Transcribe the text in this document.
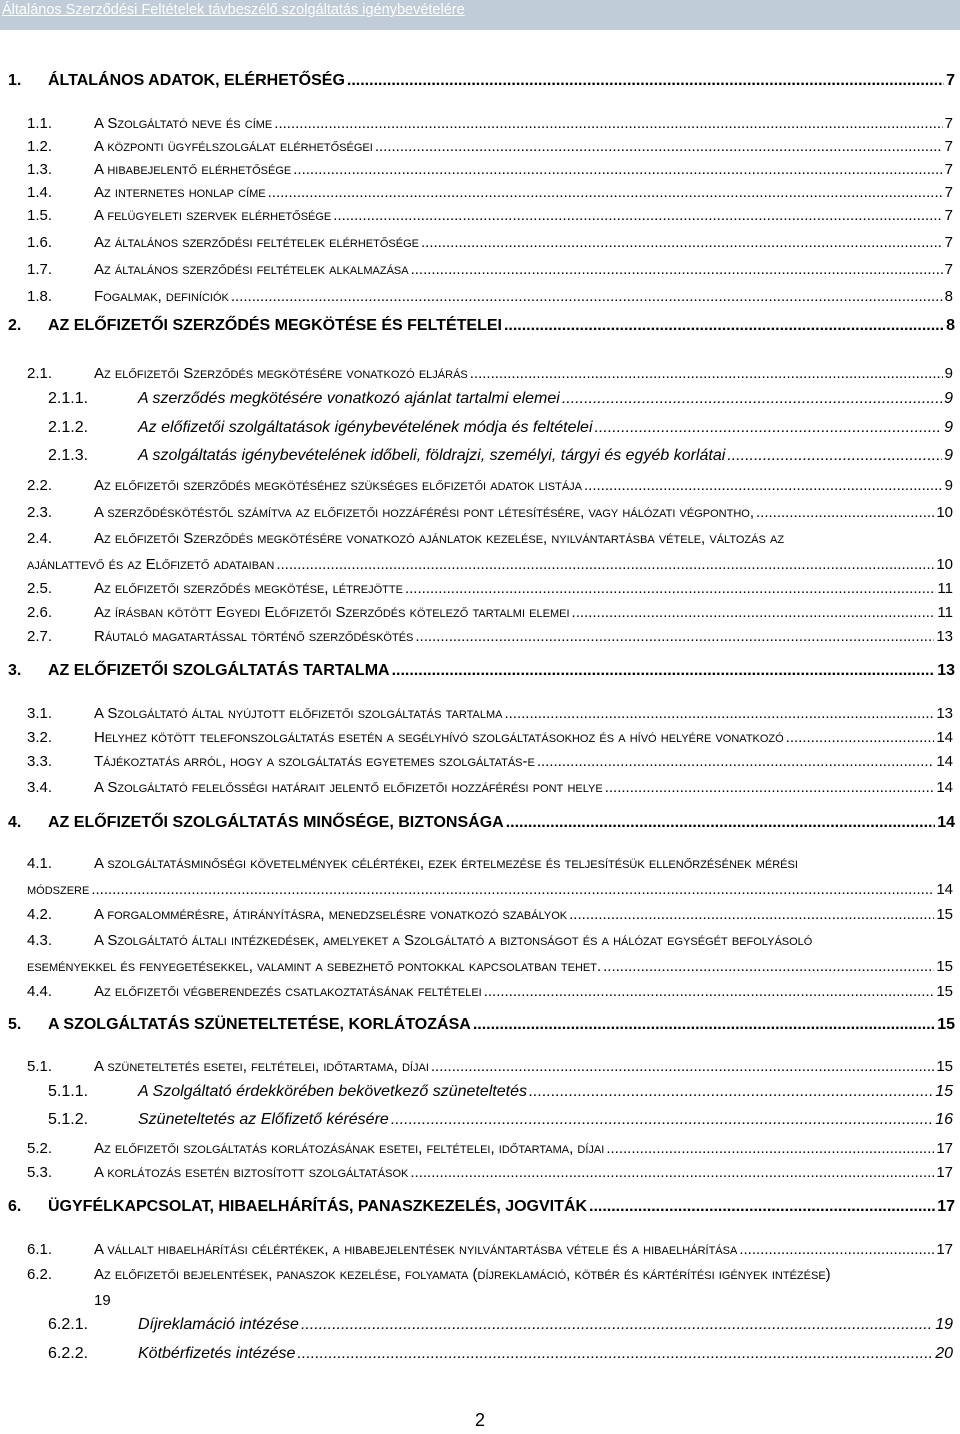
Általános Szerződési Feltételek távbeszélő szolgáltatás igénybevételére
1. ÁLTALÁNOS ADATOK, ELÉRHETŐSÉG .....	7
1.1.	A Szolgáltató neve és címe .....	7
1.2.	A központi ügyfélszolgálat elérhetőségei .....	7
1.3.	A hibabejelentő elérhetősége .....	7
1.4.	Az internetes honlap címe .....	7
1.5.	A felügyeleti szervek elérhetősége .....	7
1.6.	Az általános szerződési feltételek elérhetősége .....	7
1.7.	Az általános szerződési feltételek alkalmazása .....	7
1.8.	Fogalmak, definíciók .....	8
2. AZ ELŐFIZETŐI SZERZŐDÉS MEGKÖTÉSE ÉS FELTÉTELEI .....	8
2.1.	Az előfizetői Szerződés megkötésére vonatkozó eljárás .....	9
2.1.1.	A szerződés megkötésére vonatkozó ajánlat tartalmi elemei .....	9
2.1.2.	Az előfizetői szolgáltatások igénybevételének módja és feltételei .....	9
2.1.3.	A szolgáltatás igénybevételének időbeli, földrajzi, személyi, tárgyi és egyéb korlátai .....	9
2.2.	Az előfizetői szerződés megkötéséhez szükséges előfizetői adatok listája .....	9
2.3.	A szerződéskötéstől számítva az előfizetői hozzáférési pont létesítésére, vagy hálózati végpontho, .....	10
2.4.	Az előfizetői Szerződés megkötésére vonatkozó ajánlatok kezelése, nyilvántartásba vétele, változás az
ajánlattevő és az Előfizető adataiban .....	10
2.5.	Az előfizetői szerződés megkötése, létrejötte .....	11
2.6.	Az írásban kötött Egyedi Előfizetői Szerződés kötelező tartalmi elemei .....	11
2.7.	Ráutaló magatartással történő szerződéskötés .....	13
3. AZ ELŐFIZETŐI SZOLGÁLTATÁS TARTALMA .....	13
3.1.	A Szolgáltató által nyújtott előfizetői szolgáltatás tartalma .....	13
3.2.	Helyhez kötött telefonszolgáltatás esetén a segélyhívó szolgáltatásokhoz és a hívó helyére vonatkozó .....	14
3.3.	Tájékoztatás arról, hogy a szolgáltatás egyetemes szolgáltatás-e .....	14
3.4.	A Szolgáltató felelősségi határait jelentő előfizetői hozzáférési pont helye .....	14
4. AZ ELŐFIZETŐI SZOLGÁLTATÁS MINŐSÉGE, BIZTONSÁGA .....	14
4.1.	A szolgáltatásminőségi követelmények célértékei, ezek értelmezése és teljesítésük ellenőrzésének mérési
módszere .....	14
4.2.	A forgalommérésre, átirányításra, menedzselésre vonatkozó szabályok .....	15
4.3.	A Szolgáltató általi intézkedések, amelyeket a Szolgáltató a biztonságot és a hálózat egységét befolyásoló
eseményekkel és fenyegetésekkel, valamint a sebezhető pontokkal kapcsolatban tehet. .....	15
4.4.	Az előfizetői végberendezés csatlakoztatásának feltételei .....	15
5. A SZOLGÁLTATÁS SZÜNETELTETÉSE, KORLÁTOZÁSA .....	15
5.1.	A szüneteltetés esetei, feltételei, időtartama, díjai .....	15
5.1.1.	A Szolgáltató érdekkörében bekövetkező szüneteltetés .....	15
5.1.2.	Szüneteltetés az Előfizető kérésére .....	16
5.2.	Az előfizetői szolgáltatás korlátozásának esetei, feltételei, időtartama, díjai .....	17
5.3.	A korlátozás esetén biztosított szolgáltatások .....	17
6. ÜGYFÉLKAPCSOLAT, HIBAELHÁRÍTÁS, PANASZKEZELÉS, JOGVITÁK .....	17
6.1.	A vállalt hibaelhárítási célértékek, a hibabejelentések nyilvántartásba vétele és a hibaelhárítása .....	17
6.2.	Az előfizetői bejelentések, panaszok kezelése, folyamata (díjreklamáció, kötbér és kártérítési igények intézése)
19
6.2.1.	Díjreklamáció intézése .....	19
6.2.2.	Kötbérfizetés intézése .....	20
2
